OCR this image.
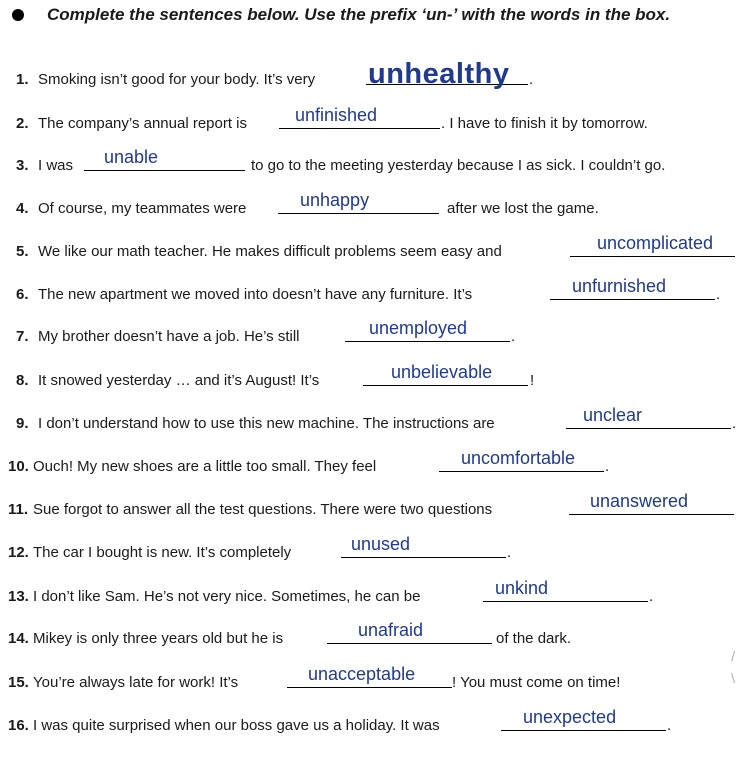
Complete the sentences below. Use the prefix ‘un-’ with the words in the box.
1. Smoking isn’t good for your body. It’s very unhealthy .
2. The company’s annual report is	unfinished	. I have to finish it by tomorrow.
3. I was unable	to go to the meeting yesterday because I as sick. I couldn’t go.
4. Of course, my teammates were	unhappy	after we lost the game.
5. We like our math teacher. He makes difficult problems seem easy and	uncomplicated
6. The new apartment we moved into doesn’t have any furniture. It’s	unfurnished	.
7. My brother doesn’t have a job. He’s still	unemployed	.
8. It snowed yesterday … and it’s August! It’s	unbelievable	!
9. I don’t understand how to use this new machine. The instructions are	unclear	.
10. Ouch! My new shoes are a little too small. They feel	uncomfortable .
11. Sue forgot to answer all the test questions. There were two questions	unanswered
12. The car I bought is new. It’s completely	unused	.
13. I don’t like Sam. He’s not very nice. Sometimes, he can be	unkind	.
14. Mikey is only three years old but he is	unafraid	of the dark.
15. You’re always late for work! It’s	unacceptable ! You must come on time!
16. I was quite surprised when our boss gave us a holiday. It was	unexpected	.
/
\
